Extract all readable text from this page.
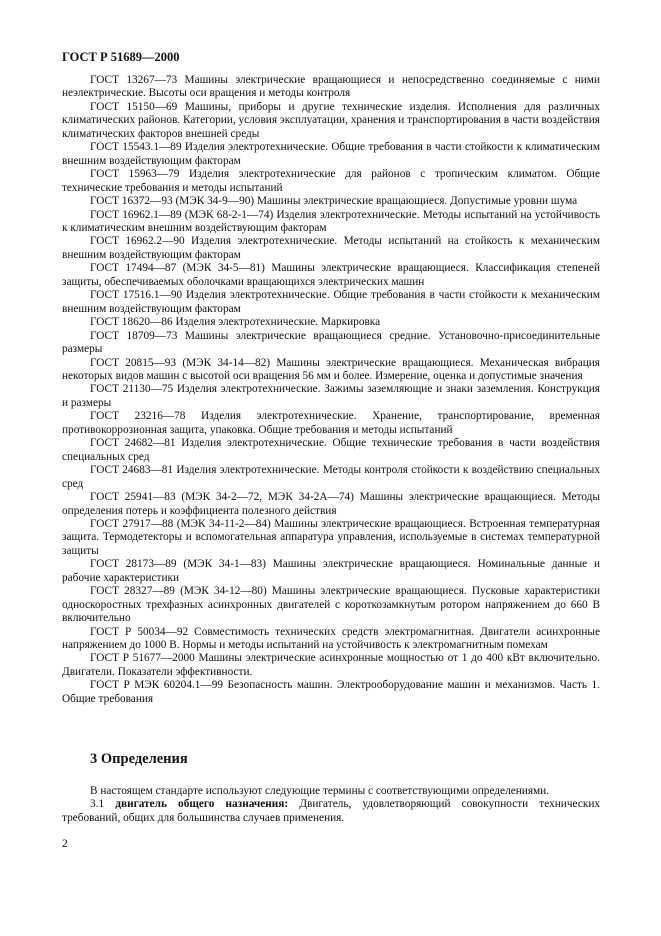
ГОСТ Р 51689—2000

ГОСТ 13267—73 Машины электрические вращающиеся и непосредственно соединяемые с ними неэлектрические. Высоты оси вращения и методы контроля

ГОСТ 15150—69 Машины, приборы и другие технические изделия. Исполнения для различных климатических районов. Категории, условия эксплуатации, хранения и транспортирования в части воздействия климатических факторов внешней среды

ГОСТ 15543.1—89 Изделия электротехнические. Общие требования в части стойкости к климатическим внешним воздействующим факторам

ГОСТ 15963—79 Изделия электротехнические для районов с тропическим климатом. Общие технические требования и методы испытаний

ГОСТ 16372—93 (МЭК 34-9—90) Машины электрические вращающиеся. Допустимые уровни шума

ГОСТ 16962.1—89 (МЭК 68-2-1—74) Изделия электротехнические. Методы испытаний на устойчивость к климатическим внешним воздействующим факторам

ГОСТ 16962.2—90 Изделия электротехнические. Методы испытаний на стойкость к механическим внешним воздействующим факторам

ГОСТ 17494—87 (МЭК 34-5—81) Машины электрические вращающиеся. Классификация степеней защиты, обеспечиваемых оболочками вращающихся электрических машин

ГОСТ 17516.1—90 Изделия электротехнические. Общие требования в части стойкости к механическим внешним воздействующим факторам

ГОСТ 18620—86 Изделия электротехнические. Маркировка

ГОСТ 18709—73 Машины электрические вращающиеся средние. Установочно-присоединительные размеры

ГОСТ 20815—93 (МЭК 34-14—82) Машины электрические вращающиеся. Механическая вибрация некоторых видов машин с высотой оси вращения 56 мм и более. Измерение, оценка и допустимые значения

ГОСТ 21130—75 Изделия электротехнические. Зажимы заземляющие и знаки заземления. Конструкция и размеры

ГОСТ 23216—78 Изделия электротехнические. Хранение, транспортирование, временная противокоррозионная защита, упаковка. Общие требования и методы испытаний

ГОСТ 24682—81 Изделия электротехнические. Общие технические требования в части воздействия специальных сред

ГОСТ 24683—81 Изделия электротехнические. Методы контроля стойкости к воздействию специальных сред

ГОСТ 25941—83 (МЭК 34-2—72, МЭК 34-2А—74) Машины электрические вращающиеся. Методы определения потерь и коэффициента полезного действия

ГОСТ 27917—88 (МЭК 34-11-2—84) Машины электрические вращающиеся. Встроенная температурная защита. Термодетекторы и вспомогательная аппаратура управления, используемые в системах температурной защиты

ГОСТ 28173—89 (МЭК 34-1—83) Машины электрические вращающиеся. Номинальные данные и рабочие характеристики

ГОСТ 28327—89 (МЭК 34-12—80) Машины электрические вращающиеся. Пусковые характеристики односкоростных трехфазных асинхронных двигателей с короткозамкнутым ротором напряжением до 660 В включительно

ГОСТ Р 50034—92 Совместимость технических средств электромагнитная. Двигатели асинхронные напряжением до 1000 В. Нормы и методы испытаний на устойчивость к электромагнитным помехам

ГОСТ Р 51677—2000 Машины электрические асинхронные мощностью от 1 до 400 кВт включительно. Двигатели. Показатели эффективности.

ГОСТ Р МЭК 60204.1—99 Безопасность машин. Электрооборудование машин и механизмов. Часть 1. Общие требования

3 Определения

В настоящем стандарте используют следующие термины с соответствующими определениями.

3.1 двигатель общего назначения: Двигатель, удовлетворяющий совокупности технических требований, общих для большинства случаев применения.

2
